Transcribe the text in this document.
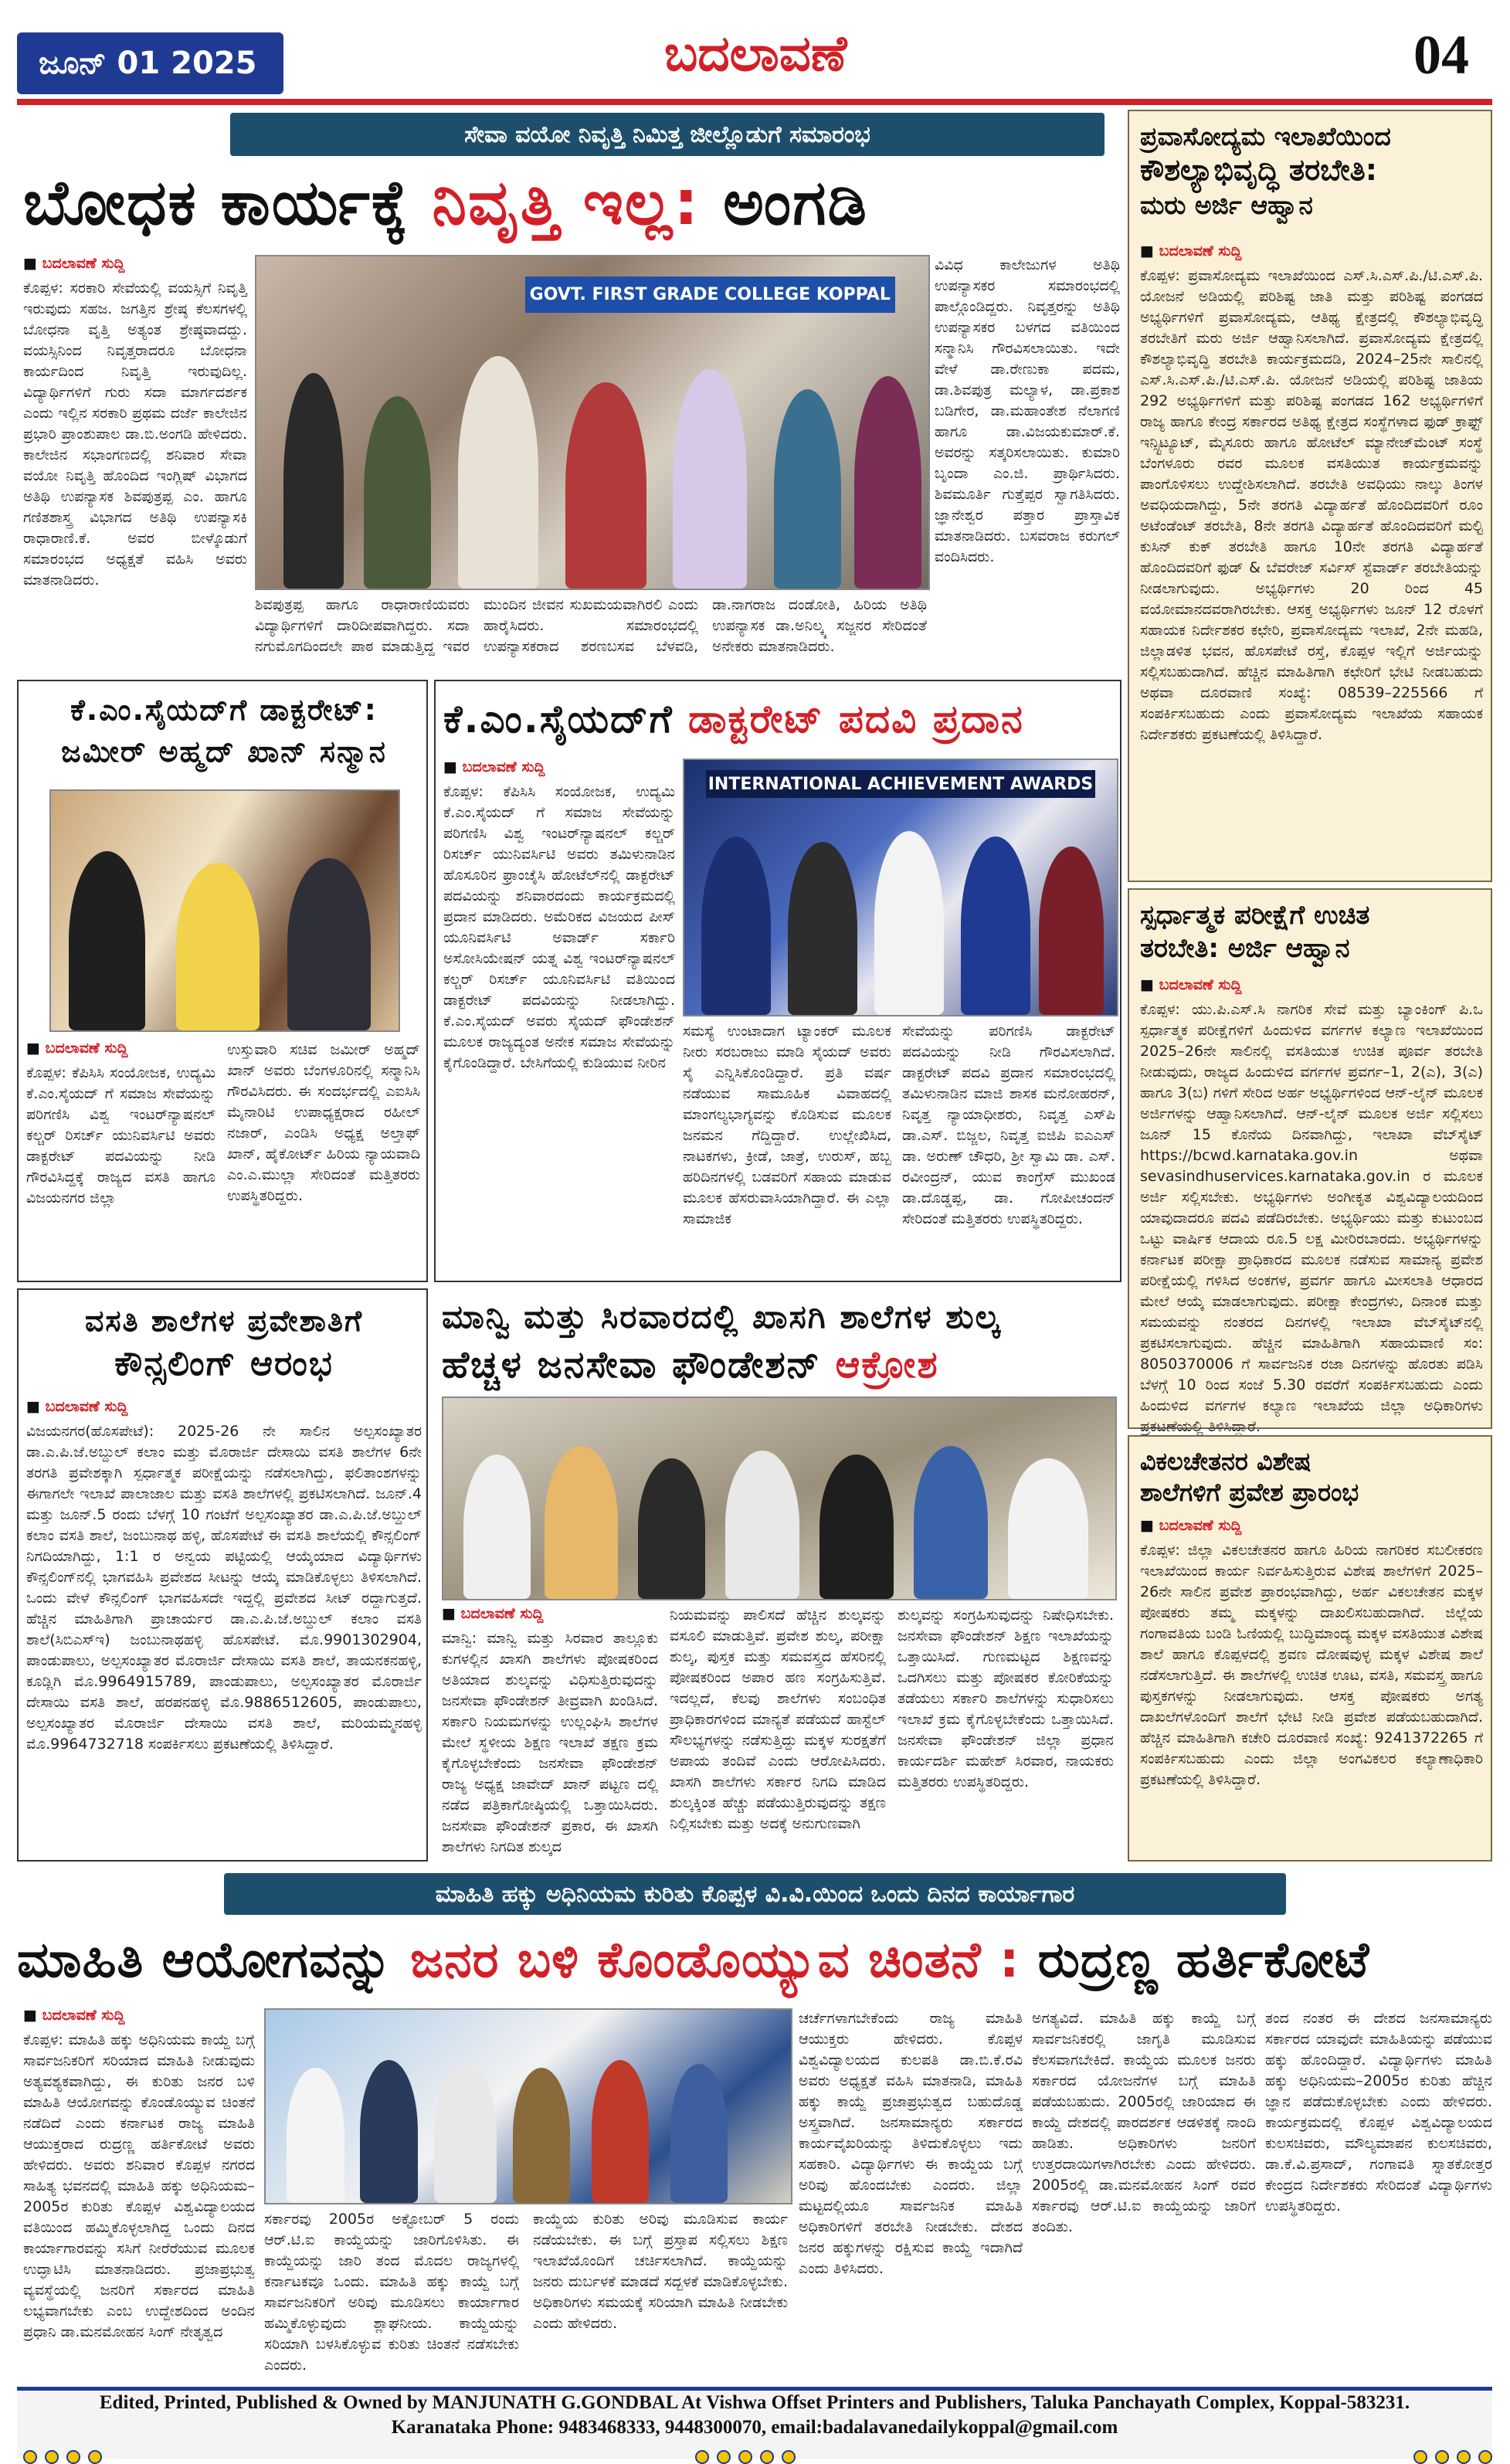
ಜೂನ್ 01 2025	ಬದಲಾವಣೆ	04
ಸೇವಾ ವಯೋ ನಿವೃತ್ತಿ ನಿಮಿತ್ತ ಜೀಲ್ಲೊಡುಗೆ ಸಮಾರಂಭ
ಬೋಧಕ ಕಾರ್ಯಕ್ಕೆ ನಿವೃತ್ತಿ ಇಲ್ಲ: ಅಂಗಡಿ
■ ಬದಲಾವಣೆ ಸುದ್ದಿ
ಕೊಪ್ಪಳ: ಸರಕಾರಿ ಸೇವೆಯಲ್ಲಿ ವಯಸ್ಸಿಗೆ ನಿವೃತ್ತಿ ಇರುವುದು ಸಹಜ. ಜಗತ್ತಿನ ಶ್ರೇಷ್ಠ ಕೆಲಸಗಳಲ್ಲಿ ಬೋಧನಾ ವೃತ್ತಿ ಅತ್ಯಂತ ಶ್ರೇಷ್ಠವಾದದ್ದು. ವಯಸ್ಸಿನಿಂದ ನಿವೃತ್ತರಾದರೂ ಬೋಧನಾ ಕಾರ್ಯದಿಂದ ನಿವೃತ್ತಿ ಇರುವುದಿಲ್ಲ. ವಿದ್ಯಾರ್ಥಿಗಳಿಗೆ ಗುರು ಸದಾ ಮಾರ್ಗದರ್ಶಕ ಎಂದು ಇಲ್ಲಿನ ಸರಕಾರಿ ಪ್ರಥಮ ದರ್ಜೆ ಕಾಲೇಜಿನ ಪ್ರಭಾರಿ ಪ್ರಾಂಶುಪಾಲ ಡಾ.ಬಿ.ಅಂಗಡಿ ಹೇಳಿದರು. ಕಾಲೇಜಿನ ಸಭಾಂಗಣದಲ್ಲಿ ಶನಿವಾರ ಸೇವಾ ವಯೋ ನಿವೃತ್ತಿ ಹೊಂದಿದ ಇಂಗ್ಲಿಷ್ ವಿಭಾಗದ ಅತಿಥಿ ಉಪನ್ಯಾಸಕ ಶಿವಪುತ್ರಪ್ಪ ಎಂ. ಹಾಗೂ ಗಣಿತಶಾಸ್ತ್ರ ವಿಭಾಗದ ಅತಿಥಿ ಉಪನ್ಯಾಸಕಿ ರಾಧಾರಾಣಿ.ಕೆ. ಅವರ ಬೀಳ್ಕೊಡುಗೆ ಸಮಾರಂಭದ ಅಧ್ಯಕ್ಷತೆ ವಹಿಸಿ ಅವರು ಮಾತನಾಡಿದರು.
GOVT. FIRST GRADE COLLEGE KOPPAL
ವಿವಿಧ ಕಾಲೇಜುಗಳ ಅತಿಥಿ ಉಪನ್ಯಾಸಕರ ಸಮಾರಂಭದಲ್ಲಿ ಪಾಲ್ಗೊಂಡಿದ್ದರು. ನಿವೃತ್ತರನ್ನು ಅತಿಥಿ ಉಪನ್ಯಾಸಕರ ಬಳಗದ ವತಿಯಿಂದ ಸನ್ಮಾನಿಸಿ ಗೌರವಿಸಲಾಯಿತು. ಇದೇ ವೇಳೆ ಡಾ.ರೇಣುಕಾ ಪದಮ, ಡಾ.ಶಿವಪುತ್ರ ಮಲ್ಯಾಳ, ಡಾ.ಪ್ರಕಾಶ ಬಡಿಗೇರ, ಡಾ.ಮಹಾಂತೇಶ ನೆಲಾಗಣಿ ಹಾಗೂ ಡಾ.ವಿಜಯಕುಮಾರ್.ಕೆ. ಅವರನ್ನು ಸತ್ಕರಿಸಲಾಯಿತು. ಕುಮಾರಿ ಬೃಂದಾ ಎಂ.ಜಿ. ಪ್ರಾರ್ಥಿಸಿದರು. ಶಿವಮೂರ್ತಿ ಗುತ್ತೆಪ್ಪರ ಸ್ವಾಗತಿಸಿದರು. ಜ್ಞಾನೇಶ್ವರ ಪತ್ತಾರ ಪ್ರಾಸ್ತಾವಿಕ ಮಾತನಾಡಿದರು. ಬಸವರಾಜ ಕರುಗಲ್ ವಂದಿಸಿದರು.
ಶಿವಪುತ್ರಪ್ಪ ಹಾಗೂ ರಾಧಾರಾಣಿಯವರು ವಿದ್ಯಾರ್ಥಿಗಳಿಗೆ ದಾರಿದೀಪವಾಗಿದ್ದರು. ಸದಾ ನಗುಮೊಗದಿಂದಲೇ ಪಾಠ ಮಾಡುತ್ತಿದ್ದ ಇವರ ಮುಂದಿನ ಜೀವನ ಸುಖಮಯವಾಗಿರಲಿ ಎಂದು ಹಾರೈಸಿದರು. ಸಮಾರಂಭದಲ್ಲಿ ಉಪನ್ಯಾಸಕರಾದ ಶರಣಬಸವ ಬೆಳವಡಿ, ಡಾ.ನಾಗರಾಜ ದಂಡೋತಿ, ಹಿರಿಯ ಅತಿಥಿ ಉಪನ್ಯಾಸಕ ಡಾ.ಅನಿಲ್ಕ್ಕ ಸಜ್ಜನರ ಸೇರಿದಂತೆ ಅನೇಕರು ಮಾತನಾಡಿದರು.
ಪ್ರವಾಸೋದ್ಯಮ ಇಲಾಖೆಯಿಂದ
ಕೌಶಲ್ಯಾಭಿವೃದ್ಧಿ ತರಬೇತಿ:
ಮರು ಅರ್ಜಿ ಆಹ್ವಾನ
■ ಬದಲಾವಣೆ ಸುದ್ದಿ
ಕೊಪ್ಪಳ: ಪ್ರವಾಸೋದ್ಯಮ ಇಲಾಖೆಯಿಂದ ಎಸ್.ಸಿ.ಎಸ್.ಪಿ./ಟಿ.ಎಸ್.ಪಿ. ಯೋಜನೆ ಅಡಿಯಲ್ಲಿ ಪರಿಶಿಷ್ಟ ಜಾತಿ ಮತ್ತು ಪರಿಶಿಷ್ಟ ಪಂಗಡದ ಅಭ್ಯರ್ಥಿಗಳಿಗೆ ಪ್ರವಾಸೋದ್ಯಮ, ಆತಿಥ್ಯ ಕ್ಷೇತ್ರದಲ್ಲಿ ಕೌಶಲ್ಯಾಭಿವೃದ್ಧಿ ತರಬೇತಿಗೆ ಮರು ಅರ್ಜಿ ಆಹ್ವಾನಿಸಲಾಗಿದೆ. ಪ್ರವಾಸೋದ್ಯಮ ಕ್ಷೇತ್ರದಲ್ಲಿ ಕೌಶಲ್ಯಾಭಿವೃದ್ಧಿ ತರಬೇತಿ ಕಾರ್ಯಕ್ರಮದಡಿ, 2024–25ನೇ ಸಾಲಿನಲ್ಲಿ ಎಸ್.ಸಿ.ಎಸ್.ಪಿ./ಟಿ.ಎಸ್.ಪಿ. ಯೋಜನೆ ಅಡಿಯಲ್ಲಿ ಪರಿಶಿಷ್ಟ ಜಾತಿಯ 292 ಅಭ್ಯರ್ಥಿಗಳಿಗೆ ಮತ್ತು ಪರಿಶಿಷ್ಟ ಪಂಗಡದ 162 ಅಭ್ಯರ್ಥಿಗಳಿಗೆ ರಾಜ್ಯ ಹಾಗೂ ಕೇಂದ್ರ ಸರ್ಕಾರದ ಅತಿಥ್ಯ ಕ್ಷೇತ್ರದ ಸಂಸ್ಥೆಗಳಾದ ಫುಡ್ ಕ್ರಾಫ್ಟ್ ಇನ್ಸ್ಟಿಟ್ಯೂಟ್, ಮೈಸೂರು ಹಾಗೂ ಹೋಟೆಲ್ ಮ್ಯಾನೇಜ್‌ಮೆಂಟ್ ಸಂಸ್ಥೆ ಬೆಂಗಳೂರು ರವರ ಮೂಲಕ ವಸತಿಯುತ ಕಾರ್ಯಕ್ರಮವನ್ನು ಪಾಂಗೊಳಿಸಲು ಉದ್ದೇಶಿಸಲಾಗಿದೆ. ತರಬೇತಿ ಅವಧಿಯು ನಾಲ್ಕು ತಿಂಗಳ ಅವಧಿಯದಾಗಿದ್ದು, 5ನೇ ತರಗತಿ ವಿದ್ಯಾರ್ಹತೆ ಹೊಂದಿದವರಿಗೆ ರೂಂ ಅಟೆಂಡೆಂಟ್ ತರಬೇತಿ, 8ನೇ ತರಗತಿ ವಿದ್ಯಾರ್ಹತೆ ಹೊಂದಿದವರಿಗೆ ಮಲ್ಟಿ ಕುಸಿನ್ ಕುಕ್ ತರಬೇತಿ ಹಾಗೂ 10ನೇ ತರಗತಿ ವಿದ್ಯಾರ್ಹತೆ ಹೊಂದಿದವರಿಗೆ ಫುಡ್ & ಬೆವರೇಜ್ ಸರ್ವಿಸ್ ಸ್ಟೆವಾರ್ಡ್ ತರಬೇತಿಯನ್ನು ನೀಡಲಾಗುವುದು. ಅಭ್ಯರ್ಥಿಗಳು 20 ರಿಂದ 45 ವಯೋಮಾನದವರಾಗಿರಬೇಕು. ಆಸಕ್ತ ಅಭ್ಯರ್ಥಿಗಳು ಜೂನ್ 12 ರೊಳಗೆ ಸಹಾಯಕ ನಿರ್ದೇಶಕರ ಕಛೇರಿ, ಪ್ರವಾಸೋದ್ಯಮ ಇಲಾಖೆ, 2ನೇ ಮಹಡಿ, ಜಿಲ್ಲಾಡಳಿತ ಭವನ, ಹೊಸಪೇಟೆ ರಸ್ತೆ, ಕೊಪ್ಪಳ ಇಲ್ಲಿಗೆ ಅರ್ಜಿಯನ್ನು ಸಲ್ಲಿಸಬಹುದಾಗಿದೆ. ಹೆಚ್ಚಿನ ಮಾಹಿತಿಗಾಗಿ ಕಛೇರಿಗೆ ಭೇಟಿ ನೀಡಬಹುದು ಅಥವಾ ದೂರವಾಣಿ ಸಂಖ್ಯೆ: 08539–225566 ಗೆ ಸಂಪರ್ಕಿಸಬಹುದು ಎಂದು ಪ್ರವಾಸೋದ್ಯಮ ಇಲಾಖೆಯ ಸಹಾಯಕ ನಿರ್ದೇಶಕರು ಪ್ರಕಟಣೆಯಲ್ಲಿ ತಿಳಿಸಿದ್ದಾರೆ.
ಕೆ.ಎಂ.ಸೈಯದ್‌ಗೆ ಡಾಕ್ಟರೇಟ್:
ಜಮೀರ್ ಅಹ್ಮದ್ ಖಾನ್ ಸನ್ಮಾನ
■ ಬದಲಾವಣೆ ಸುದ್ದಿ
ಕೊಪ್ಪಳ: ಕೆಪಿಸಿಸಿ ಸಂಯೋಜಕ, ಉದ್ಯಮಿ ಕೆ.ಎಂ.ಸೈಯದ್ ಗೆ ಸಮಾಜ ಸೇವೆಯನ್ನು ಪರಿಗಣಿಸಿ ವಿಶ್ವ ಇಂಟರ್‌ನ್ಯಾಷನಲ್ ಕಲ್ಚರ್ ರಿಸರ್ಚ್ ಯುನಿವರ್ಸಿಟಿ ಅವರು ಡಾಕ್ಟರೇಟ್ ಪದವಿಯನ್ನು ನೀಡಿ ಗೌರವಿಸಿದ್ದಕ್ಕೆ ರಾಜ್ಯದ ವಸತಿ ಹಾಗೂ ವಿಜಯನಗರ ಜಿಲ್ಲಾ
ಉಸ್ತುವಾರಿ ಸಚಿವ ಜಮೀರ್ ಅಹ್ಮದ್ ಖಾನ್ ಅವರು ಬೆಂಗಳೂರಿನಲ್ಲಿ ಸನ್ಮಾನಿಸಿ ಗೌರವಿಸಿದರು. ಈ ಸಂದರ್ಭದಲ್ಲಿ ಎಐಸಿಸಿ ಮೈನಾರಿಟಿ ಉಪಾಧ್ಯಕ್ಷರಾದ ರಹೀಲ್ ನಜಾರ್, ಎಂಡಿಸಿ ಅಧ್ಯಕ್ಷ ಅಲ್ತಾಫ್ ಖಾನ್, ಹೈಕೋರ್ಟ್ ಹಿರಿಯ ನ್ಯಾಯವಾದಿ ಎಂ.ಎ.ಮುಲ್ಲಾ ಸೇರಿದಂತೆ ಮತ್ತಿತರರು ಉಪಸ್ಥಿತರಿದ್ದರು.
ಕೆ.ಎಂ.ಸೈಯದ್‌ಗೆ ಡಾಕ್ಟರೇಟ್ ಪದವಿ ಪ್ರದಾನ
■ ಬದಲಾವಣೆ ಸುದ್ದಿ
ಕೊಪ್ಪಳ: ಕೆಪಿಸಿಸಿ ಸಂಯೋಜಕ, ಉದ್ಯಮಿ ಕೆ.ಎಂ.ಸೈಯದ್ ಗೆ ಸಮಾಜ ಸೇವೆಯನ್ನು ಪರಿಗಣಿಸಿ ವಿಶ್ವ ಇಂಟರ್‌ನ್ಯಾಷನಲ್ ಕಲ್ಚರ್ ರಿಸರ್ಚ್ ಯುನಿವರ್ಸಿಟಿ ಅವರು ತಮಿಳುನಾಡಿನ ಹೊಸೂರಿನ ಫ್ರಾಂಚೈಸಿ ಹೋಟೆಲ್‌ನಲ್ಲಿ ಡಾಕ್ಟರೇಟ್ ಪದವಿಯನ್ನು ಶನಿವಾರದಂದು ಕಾರ್ಯಕ್ರಮದಲ್ಲಿ ಪ್ರದಾನ ಮಾಡಿದರು. ಅಮೆರಿಕದ ವಿಜಯದ ಪೀಸ್ ಯೂನಿವರ್ಸಿಟಿ ಅವಾರ್ಡ್ ಸರ್ಕಾರಿ ಅಸೋಸಿಯೇಷನ್ ಯತ್ನ ವಿಶ್ವ ಇಂಟರ್‌ನ್ಯಾಷನಲ್ ಕಲ್ಚರ್ ರಿಸರ್ಚ್ ಯೂನಿವರ್ಸಿಟಿ ವತಿಯಿಂದ ಡಾಕ್ಟರೇಟ್ ಪದವಿಯನ್ನು ನೀಡಲಾಗಿದ್ದು. ಕೆ.ಎಂ.ಸೈಯದ್ ಅವರು ಸೈಯದ್ ಫೌಂಡೇಶನ್ ಮೂಲಕ ರಾಜ್ಯದ್ಯಂತ ಅನೇಕ ಸಮಾಜ ಸೇವೆಯನ್ನು ಕೈಗೊಂಡಿದ್ದಾರೆ. ಬೇಸಿಗೆಯಲ್ಲಿ ಕುಡಿಯುವ ನೀರಿನ
INTERNATIONAL ACHIEVEMENT AWARDS
ಸಮಸ್ಯೆ ಉಂಟಾದಾಗ ಟ್ಯಾಂಕರ್ ಮೂಲಕ ನೀರು ಸರಬರಾಜು ಮಾಡಿ ಸೈಯದ್ ಅವರು ಸೈ ಎನ್ನಿಸಿಕೊಂಡಿದ್ದಾರೆ. ಪ್ರತಿ ವರ್ಷ ನಡೆಯುವ ಸಾಮೂಹಿಕ ವಿವಾಹದಲ್ಲಿ ಮಾಂಗಲ್ಯಭಾಗ್ಯವನ್ನು ಕೊಡಿಸುವ ಮೂಲಕ ಜನಮನ ಗೆದ್ದಿದ್ದಾರೆ. ಉಲ್ಲೇಖಿಸಿದ, ನಾಟಕಗಳು, ಕ್ರೀಡೆ, ಜಾತ್ರೆ, ಉರುಸ್, ಹಬ್ಬ ಹರಿದಿನಗಳಲ್ಲಿ ಬಡವರಿಗೆ ಸಹಾಯ ಮಾಡುವ ಮೂಲಕ ಹೆಸರುವಾಸಿಯಾಗಿದ್ದಾರೆ. ಈ ಎಲ್ಲಾ ಸಾಮಾಜಿಕ
ಸೇವೆಯನ್ನು ಪರಿಗಣಿಸಿ ಡಾಕ್ಟರೇಟ್ ಪದವಿಯನ್ನು ನೀಡಿ ಗೌರವಿಸಲಾಗಿದೆ. ಡಾಕ್ಟರೇಟ್ ಪದವಿ ಪ್ರದಾನ ಸಮಾರಂಭದಲ್ಲಿ ತಮಿಳುನಾಡಿನ ಮಾಜಿ ಶಾಸಕ ಮನೋಹರನ್, ನಿವೃತ್ತ ನ್ಯಾಯಾಧೀಶರು, ನಿವೃತ್ತ ಎಸ್‌ಪಿ ಡಾ.ಎಸ್. ಬಿಜ್ಜಲ, ನಿವೃತ್ತ ಐಜಿಪಿ ಐಎಎಸ್ ಡಾ. ಅರುಣ್ ಚೌಧರಿ, ಶ್ರೀ ಸ್ವಾಮಿ ಡಾ. ಎಸ್. ರವೀಂದ್ರನ್, ಯುವ ಕಾಂಗ್ರೆಸ್ ಮುಖಂಡ ಡಾ.ದೊಡ್ಡಪ್ಪ, ಡಾ. ಗೋಪೀಚಂದನ್ ಸೇರಿದಂತೆ ಮತ್ತಿತರರು ಉಪಸ್ಥಿತರಿದ್ದರು.
ಸ್ಪರ್ಧಾತ್ಮಕ ಪರೀಕ್ಷೆಗೆ ಉಚಿತ
ತರಬೇತಿ: ಅರ್ಜಿ ಆಹ್ವಾನ
■ ಬದಲಾವಣೆ ಸುದ್ದಿ
ಕೊಪ್ಪಳ: ಯು.ಪಿ.ಎಸ್.ಸಿ ನಾಗರಿಕ ಸೇವೆ ಮತ್ತು ಬ್ಯಾಂಕಿಂಗ್ ಪಿ.ಒ ಸ್ಪರ್ಧಾತ್ಮಕ ಪರೀಕ್ಷೆಗಳಿಗೆ ಹಿಂದುಳಿದ ವರ್ಗಗಳ ಕಲ್ಯಾಣ ಇಲಾಖೆಯಿಂದ 2025–26ನೇ ಸಾಲಿನಲ್ಲಿ ವಸತಿಯುತ ಉಚಿತ ಪೂರ್ವ ತರಬೇತಿ ನೀಡುವುದು, ರಾಜ್ಯದ ಹಿಂದುಳಿದ ವರ್ಗಗಳ ಪ್ರವರ್ಗ–1, 2(ಎ), 3(ಎ) ಹಾಗೂ 3(ಬ) ಗಳಿಗೆ ಸೇರಿದ ಅರ್ಹ ಅಭ್ಯರ್ಥಿಗಳಿಂದ ಆನ್-ಲೈನ್ ಮೂಲಕ ಅರ್ಜಿಗಳನ್ನು ಆಹ್ವಾನಿಸಲಾಗಿದೆ. ಆನ್-ಲೈನ್ ಮೂಲಕ ಅರ್ಜಿ ಸಲ್ಲಿಸಲು ಜೂನ್ 15 ಕೊನೆಯ ದಿನವಾಗಿದ್ದು, ಇಲಾಖಾ ವೆಬ್‌ಸೈಟ್ https://bcwd.karnataka.gov.in ಅಥವಾ sevasindhuservices.karnataka.gov.in ರ ಮೂಲಕ ಅರ್ಜಿ ಸಲ್ಲಿಸಬೇಕು. ಅಭ್ಯರ್ಥಿಗಳು ಅಂಗೀಕೃತ ವಿಶ್ವವಿದ್ಯಾಲಯದಿಂದ ಯಾವುದಾದರೂ ಪದವಿ ಪಡೆದಿರಬೇಕು. ಅಭ್ಯರ್ಥಿಯು ಮತ್ತು ಕುಟುಂಬದ ಒಟ್ಟು ವಾರ್ಷಿಕ ಆದಾಯ ರೂ.5 ಲಕ್ಷ ಮೀರಿರಬಾರದು. ಅಭ್ಯರ್ಥಿಗಳನ್ನು ಕರ್ನಾಟಕ ಪರೀಕ್ಷಾ ಪ್ರಾಧಿಕಾರದ ಮೂಲಕ ನಡೆಸುವ ಸಾಮಾನ್ಯ ಪ್ರವೇಶ ಪರೀಕ್ಷೆಯಲ್ಲಿ ಗಳಿಸಿದ ಅಂಕಗಳ, ಪ್ರವರ್ಗ ಹಾಗೂ ಮೀಸಲಾತಿ ಆಧಾರದ ಮೇಲೆ ಆಯ್ಕೆ ಮಾಡಲಾಗುವುದು. ಪರೀಕ್ಷಾ ಕೇಂದ್ರಗಳು, ದಿನಾಂಕ ಮತ್ತು ಸಮಯವನ್ನು ನಂತರದ ದಿನಗಳಲ್ಲಿ ಇಲಾಖಾ ವೆಬ್‌ಸೈಟ್‌ನಲ್ಲಿ ಪ್ರಕಟಿಸಲಾಗುವುದು. ಹೆಚ್ಚಿನ ಮಾಹಿತಿಗಾಗಿ ಸಹಾಯವಾಣಿ ಸಂ: 8050370006 ಗೆ ಸಾರ್ವಜನಿಕ ರಜಾ ದಿನಗಳನ್ನು ಹೊರತು ಪಡಿಸಿ ಬೆಳಗ್ಗೆ 10 ರಿಂದ ಸಂಜೆ 5.30 ರವರೆಗೆ ಸಂಪರ್ಕಿಸಬಹುದು ಎಂದು ಹಿಂದುಳಿದ ವರ್ಗಗಳ ಕಲ್ಯಾಣ ಇಲಾಖೆಯ ಜಿಲ್ಲಾ ಅಧಿಕಾರಿಗಳು ಪ್ರಕಟಣೆಯಲ್ಲಿ ತಿಳಿಸಿದ್ದಾರೆ.
ವಸತಿ ಶಾಲೆಗಳ ಪ್ರವೇಶಾತಿಗೆ
ಕೌನ್ಸಲಿಂಗ್ ಆರಂಭ
■ ಬದಲಾವಣೆ ಸುದ್ದಿ
ವಿಜಯನಗರ(ಹೊಸಪೇಟೆ): 2025-26 ನೇ ಸಾಲಿನ ಅಲ್ಪಸಂಖ್ಯಾತರ ಡಾ.ಎ.ಪಿ.ಜೆ.ಅಬ್ದುಲ್ ಕಲಾಂ ಮತ್ತು ಮೊರಾರ್ಜಿ ದೇಸಾಯಿ ವಸತಿ ಶಾಲೆಗಳ 6ನೇ ತರಗತಿ ಪ್ರವೇಶಕ್ಕಾಗಿ ಸ್ಪರ್ಧಾತ್ಮಕ ಪರೀಕ್ಷೆಯನ್ನು ನಡೆಸಲಾಗಿದ್ದು, ಫಲಿತಾಂಶಗಳನ್ನು ಈಗಾಗಲೇ ಇಲಾಖೆ ಪಾಲಾಜಾಲ ಮತ್ತು ವಸತಿ ಶಾಲೆಗಳಲ್ಲಿ ಪ್ರಕಟಿಸಲಾಗಿದೆ. ಜೂನ್.4 ಮತ್ತು ಜೂನ್.5 ರಂದು ಬೆಳಗ್ಗೆ 10 ಗಂಟೆಗೆ ಅಲ್ಪಸಂಖ್ಯಾತರ ಡಾ.ಎ.ಪಿ.ಜೆ.ಅಬ್ದುಲ್ ಕಲಾಂ ವಸತಿ ಶಾಲೆ, ಜಂಬುನಾಥ ಹಳ್ಳಿ, ಹೊಸಪೇಟೆ ಈ ವಸತಿ ಶಾಲೆಯಲ್ಲಿ ಕೌನ್ಸಲಿಂಗ್ ನಿಗದಿಯಾಗಿದ್ದು, 1:1 ರ ಅನ್ವಯ ಪಟ್ಟಿಯಲ್ಲಿ ಆಯ್ಕೆಯಾದ ವಿದ್ಯಾರ್ಥಿಗಳು ಕೌನ್ಸಲಿಂಗ್‌ನಲ್ಲಿ ಭಾಗವಹಿಸಿ ಪ್ರವೇಶದ ಸೀಟನ್ನು ಆಯ್ಕೆ ಮಾಡಿಕೊಳ್ಳಲು ತಿಳಿಸಲಾಗಿದೆ. ಒಂದು ವೇಳೆ ಕೌನ್ಸಲಿಂಗ್ ಭಾಗವಹಿಸದೇ ಇದ್ದಲ್ಲಿ ಪ್ರವೇಶದ ಸೀಟ್ ರದ್ದಾಗುತ್ತದೆ. ಹೆಚ್ಚಿನ ಮಾಹಿತಿಗಾಗಿ ಪ್ರಾಚಾರ್ಯರ ಡಾ.ಎ.ಪಿ.ಜೆ.ಅಬ್ದುಲ್ ಕಲಾಂ ವಸತಿ ಶಾಲೆ(ಸಿಬಿಎಸ್‌ಇ) ಜಂಬುನಾಥಹಳ್ಳಿ ಹೊಸಪೇಟೆ. ಮೊ.9901302904, ಪಾಂಡುಪಾಲು, ಅಲ್ಪಸಂಖ್ಯಾತರ ಮೊರಾರ್ಜಿ ದೇಸಾಯಿ ವಸತಿ ಶಾಲೆ, ತಾಯನಕನಹಳ್ಳಿ, ಕೂಡ್ಲಿಗಿ ಮೊ.9964915789, ಪಾಂಡುಪಾಲು, ಅಲ್ಪಸಂಖ್ಯಾತರ ಮೊರಾರ್ಜಿ ದೇಸಾಯಿ ವಸತಿ ಶಾಲೆ, ಹರಪನಹಳ್ಳಿ ಮೊ.9886512605, ಪಾಂಡುಪಾಲು, ಅಲ್ಪಸಂಖ್ಯಾತರ ಮೊರಾರ್ಜಿ ದೇಸಾಯಿ ವಸತಿ ಶಾಲೆ, ಮರಿಯಮ್ಮನಹಳ್ಳಿ ಮೊ.9964732718 ಸಂಪರ್ಕಿಸಲು ಪ್ರಕಟಣೆಯಲ್ಲಿ ತಿಳಿಸಿದ್ದಾರೆ.
ಮಾನ್ವಿ ಮತ್ತು ಸಿರವಾರದಲ್ಲಿ ಖಾಸಗಿ ಶಾಲೆಗಳ ಶುಲ್ಕ
ಹೆಚ್ಚಳ ಜನಸೇವಾ ಫೌಂಡೇಶನ್ ಆಕ್ರೋಶ
■ ಬದಲಾವಣೆ ಸುದ್ದಿ
ಮಾನ್ವಿ: ಮಾನ್ವಿ ಮತ್ತು ಸಿರವಾರ ತಾಲ್ಲೂಕು ಕುಗಳಲ್ಲಿನ ಖಾಸಗಿ ಶಾಲೆಗಳು ಪೋಷಕರಿಂದ ಅತಿಯಾದ ಶುಲ್ಕವನ್ನು ವಿಧಿಸುತ್ತಿರುವುದನ್ನು ಜನಸೇವಾ ಫೌಂಡೇಶನ್ ತೀವ್ರವಾಗಿ ಖಂಡಿಸಿದೆ. ಸರ್ಕಾರಿ ನಿಯಮಗಳನ್ನು ಉಲ್ಲಂಘಿಸಿ ಶಾಲೆಗಳ ಮೇಲೆ ಸ್ಥಳೀಯ ಶಿಕ್ಷಣ ಇಲಾಖೆ ತಕ್ಷಣ ಕ್ರಮ ಕೈಗೊಳ್ಳಬೇಕೆಂದು ಜನಸೇವಾ ಫೌಂಡೇಶನ್ ರಾಜ್ಯ ಅಧ್ಯಕ್ಷ ಜಾವೇದ್ ಖಾನ್ ಪಟ್ಟಣ ದಲ್ಲಿ ನಡೆದ ಪತ್ರಿಕಾಗೋಷ್ಠಿಯಲ್ಲಿ ಒತ್ತಾಯಿಸಿದರು. ಜನಸೇವಾ ಫೌಂಡೇಶನ್ ಪ್ರಕಾರ, ಈ ಖಾಸಗಿ ಶಾಲೆಗಳು ನಿಗದಿತ ಶುಲ್ಕದ
ನಿಯಮವನ್ನು ಪಾಲಿಸದೆ ಹೆಚ್ಚಿನ ಶುಲ್ಕವನ್ನು ವಸೂಲಿ ಮಾಡುತ್ತಿವೆ. ಪ್ರವೇಶ ಶುಲ್ಕ, ಪರೀಕ್ಷಾ ಶುಲ್ಕ, ಪುಸ್ತಕ ಮತ್ತು ಸಮವಸ್ತ್ರದ ಹೆಸರಿನಲ್ಲಿ ಪೋಷಕರಿಂದ ಅಪಾರ ಹಣ ಸಂಗ್ರಹಿಸುತ್ತಿವೆ. ಇದಲ್ಲದೆ, ಕೆಲವು ಶಾಲೆಗಳು ಸಂಬಂಧಿತ ಪ್ರಾಧಿಕಾರಗಳಿಂದ ಮಾನ್ಯತೆ ಪಡೆಯದೆ ಹಾಸ್ಟೆಲ್ ಸೌಲಭ್ಯಗಳನ್ನು ನಡೆಸುತ್ತಿದ್ದು ಮಕ್ಕಳ ಸುರಕ್ಷತೆಗೆ ಅಪಾಯ ತಂದಿವೆ ಎಂದು ಆರೋಪಿಸಿದರು. ಖಾಸಗಿ ಶಾಲೆಗಳು ಸರ್ಕಾರ ನಿಗದಿ ಮಾಡಿದ ಶುಲ್ಕಕ್ಕಿಂತ ಹೆಚ್ಚು ಪಡೆಯುತ್ತಿರುವುದನ್ನು ತಕ್ಷಣ ನಿಲ್ಲಿಸಬೇಕು ಮತ್ತು ಅದಕ್ಕೆ ಅನುಗುಣವಾಗಿ
ಶುಲ್ಕವನ್ನು ಸಂಗ್ರಹಿಸುವುದನ್ನು ನಿಷೇಧಿಸಬೇಕು. ಜನಸೇವಾ ಫೌಂಡೇಶನ್ ಶಿಕ್ಷಣ ಇಲಾಖೆಯನ್ನು ಒತ್ತಾಯಿಸಿದೆ. ಗುಣಮಟ್ಟದ ಶಿಕ್ಷಣವನ್ನು ಒದಗಿಸಲು ಮತ್ತು ಪೋಷಕರ ಕೋರಿಕೆಯನ್ನು ತಡೆಯಲು ಸರ್ಕಾರಿ ಶಾಲೆಗಳನ್ನು ಸುಧಾರಿಸಲು ಇಲಾಖೆ ಕ್ರಮ ಕೈಗೊಳ್ಳಬೇಕೆಂದು ಒತ್ತಾಯಿಸಿದೆ. ಜನಸೇವಾ ಫೌಂಡೇಶನ್ ಜಿಲ್ಲಾ ಪ್ರಧಾನ ಕಾರ್ಯದರ್ಶಿ ಮಹೇಶ್ ಸಿರವಾರ, ನಾಯಕರು ಮತ್ತಿತರರು ಉಪಸ್ಥಿತರಿದ್ದರು.
ವಿಕಲಚೇತನರ ವಿಶೇಷ
ಶಾಲೆಗಳಿಗೆ ಪ್ರವೇಶ ಪ್ರಾರಂಭ
■ ಬದಲಾವಣೆ ಸುದ್ದಿ
ಕೊಪ್ಪಳ: ಜಿಲ್ಲಾ ವಿಕಲಚೇತನರ ಹಾಗೂ ಹಿರಿಯ ನಾಗರಿಕರ ಸಬಲೀಕರಣ ಇಲಾಖೆಯಿಂದ ಕಾರ್ಯ ನಿರ್ವಹಿಸುತ್ತಿರುವ ವಿಶೇಷ ಶಾಲೆಗಳಿಗೆ 2025–26ನೇ ಸಾಲಿನ ಪ್ರವೇಶ ಪ್ರಾರಂಭವಾಗಿದ್ದು, ಅರ್ಹ ವಿಕಲಚೇತನ ಮಕ್ಕಳ ಪೋಷಕರು ತಮ್ಮ ಮಕ್ಕಳನ್ನು ದಾಖಲಿಸಬಹುದಾಗಿದೆ. ಜಿಲ್ಲೆಯ ಗಂಗಾವತಿಯ ಬಂಡಿ ಓಣಿಯಲ್ಲಿ ಬುದ್ಧಿಮಾಂದ್ಯ ಮಕ್ಕಳ ವಸತಿಯುತ ವಿಶೇಷ ಶಾಲೆ ಹಾಗೂ ಕೊಪ್ಪಳದಲ್ಲಿ ಶ್ರವಣ ದೋಷವುಳ್ಳ ಮಕ್ಕಳ ವಿಶೇಷ ಶಾಲೆ ನಡೆಸಲಾಗುತ್ತಿದೆ. ಈ ಶಾಲೆಗಳಲ್ಲಿ ಉಚಿತ ಊಟ, ವಸತಿ, ಸಮವಸ್ತ್ರ ಹಾಗೂ ಪುಸ್ತಕಗಳನ್ನು ನೀಡಲಾಗುವುದು. ಆಸಕ್ತ ಪೋಷಕರು ಅಗತ್ಯ ದಾಖಲೆಗಳೊಂದಿಗೆ ಶಾಲೆಗೆ ಭೇಟಿ ನೀಡಿ ಪ್ರವೇಶ ಪಡೆಯಬಹುದಾಗಿದೆ. ಹೆಚ್ಚಿನ ಮಾಹಿತಿಗಾಗಿ ಕಚೇರಿ ದೂರವಾಣಿ ಸಂಖ್ಯೆ: 9241372265 ಗೆ ಸಂಪರ್ಕಿಸಬಹುದು ಎಂದು ಜಿಲ್ಲಾ ಅಂಗವಿಕಲರ ಕಲ್ಯಾಣಾಧಿಕಾರಿ ಪ್ರಕಟಣೆಯಲ್ಲಿ ತಿಳಿಸಿದ್ದಾರೆ.
ಮಾಹಿತಿ ಹಕ್ಕು ಅಧಿನಿಯಮ ಕುರಿತು ಕೊಪ್ಪಳ ವಿ.ವಿ.ಯಿಂದ ಒಂದು ದಿನದ ಕಾರ್ಯಾಗಾರ
ಮಾಹಿತಿ ಆಯೋಗವನ್ನು ಜನರ ಬಳಿ ಕೊಂಡೊಯ್ಯುವ ಚಿಂತನೆ : ರುದ್ರಣ್ಣ ಹರ್ತಿಕೋಟೆ
■ ಬದಲಾವಣೆ ಸುದ್ದಿ
ಕೊಪ್ಪಳ: ಮಾಹಿತಿ ಹಕ್ಕು ಅಧಿನಿಯಮ ಕಾಯ್ದೆ ಬಗ್ಗೆ ಸಾರ್ವಜನಿಕರಿಗೆ ಸರಿಯಾದ ಮಾಹಿತಿ ನೀಡುವುದು ಅತ್ಯವಶ್ಯಕವಾಗಿದ್ದು, ಈ ಕುರಿತು ಜನರ ಬಳಿ ಮಾಹಿತಿ ಆಯೋಗವನ್ನು ಕೊಂಡೊಯ್ಯುವ ಚಿಂತನೆ ನಡೆದಿದೆ ಎಂದು ಕರ್ನಾಟಕ ರಾಜ್ಯ ಮಾಹಿತಿ ಆಯುಕ್ತರಾದ ರುದ್ರಣ್ಣ ಹರ್ತಿಕೋಟೆ ಅವರು ಹೇಳಿದರು. ಅವರು ಶನಿವಾರ ಕೊಪ್ಪಳ ನಗರದ ಸಾಹಿತ್ಯ ಭವನದಲ್ಲಿ ಮಾಹಿತಿ ಹಕ್ಕು ಅಧಿನಿಯಮ–2005ರ ಕುರಿತು ಕೊಪ್ಪಳ ವಿಶ್ವವಿದ್ಯಾಲಯದ ವತಿಯಿಂದ ಹಮ್ಮಿಕೊಳ್ಳಲಾಗಿದ್ದ ಒಂದು ದಿನದ ಕಾರ್ಯಾಗಾರವನ್ನು ಸಸಿಗೆ ನೀರೆರೆಯುವ ಮೂಲಕ ಉದ್ಘಾಟಿಸಿ ಮಾತನಾಡಿದರು. ಪ್ರಜಾಪ್ರಭುತ್ವ ವ್ಯವಸ್ಥೆಯಲ್ಲಿ ಜನರಿಗೆ ಸರ್ಕಾರದ ಮಾಹಿತಿ ಲಭ್ಯವಾಗಬೇಕು ಎಂಬ ಉದ್ದೇಶದಿಂದ ಅಂದಿನ ಪ್ರಧಾನಿ ಡಾ.ಮನಮೋಹನ ಸಿಂಗ್ ನೇತೃತ್ವದ
ಸರ್ಕಾರವು 2005ರ ಅಕ್ಟೋಬರ್ 5 ರಂದು ಆರ್.ಟಿ.ಐ ಕಾಯ್ದೆಯನ್ನು ಜಾರಿಗೊಳಿಸಿತು. ಈ ಕಾಯ್ದೆಯನ್ನು ಜಾರಿ ತಂದ ಮೊದಲ ರಾಜ್ಯಗಳಲ್ಲಿ ಕರ್ನಾಟಕವೂ ಒಂದು. ಮಾಹಿತಿ ಹಕ್ಕು ಕಾಯ್ದೆ ಬಗ್ಗೆ ಸಾರ್ವಜನಿಕರಿಗೆ ಅರಿವು ಮೂಡಿಸಲು ಕಾರ್ಯಾಗಾರ ಹಮ್ಮಿಕೊಳ್ಳುವುದು ಶ್ಲಾಘನೀಯ. ಕಾಯ್ದೆಯನ್ನು ಸರಿಯಾಗಿ ಬಳಸಿಕೊಳ್ಳುವ ಕುರಿತು ಚಿಂತನೆ ನಡೆಸಬೇಕು ಎಂದರು.
ಕಾಯ್ದೆಯ ಕುರಿತು ಅರಿವು ಮೂಡಿಸುವ ಕಾರ್ಯ ನಡೆಯಬೇಕು. ಈ ಬಗ್ಗೆ ಪ್ರಸ್ತಾಪ ಸಲ್ಲಿಸಲು ಶಿಕ್ಷಣ ಇಲಾಖೆಯೊಂದಿಗೆ ಚರ್ಚಿಸಲಾಗಿದೆ. ಕಾಯ್ದೆಯನ್ನು ಜನರು ದುರ್ಬಳಕೆ ಮಾಡದೆ ಸದ್ಬಳಕೆ ಮಾಡಿಕೊಳ್ಳಬೇಕು. ಅಧಿಕಾರಿಗಳು ಸಮಯಕ್ಕೆ ಸರಿಯಾಗಿ ಮಾಹಿತಿ ನೀಡಬೇಕು ಎಂದು ಹೇಳಿದರು.
ಚರ್ಚೆಗಳಾಗಬೇಕೆಂದು ರಾಜ್ಯ ಮಾಹಿತಿ ಆಯುಕ್ತರು ಹೇಳಿದರು. ಕೊಪ್ಪಳ ವಿಶ್ವವಿದ್ಯಾಲಯದ ಕುಲಪತಿ ಡಾ.ಬಿ.ಕೆ.ರವಿ ಅವರು ಅಧ್ಯಕ್ಷತೆ ವಹಿಸಿ ಮಾತನಾಡಿ, ಮಾಹಿತಿ ಹಕ್ಕು ಕಾಯ್ದೆ ಪ್ರಜಾಪ್ರಭುತ್ವದ ಬಹುದೊಡ್ಡ ಅಸ್ತ್ರವಾಗಿದೆ. ಜನಸಾಮಾನ್ಯರು ಸರ್ಕಾರದ ಕಾರ್ಯವೈಖರಿಯನ್ನು ತಿಳಿದುಕೊಳ್ಳಲು ಇದು ಸಹಕಾರಿ. ವಿದ್ಯಾರ್ಥಿಗಳು ಈ ಕಾಯ್ದೆಯ ಬಗ್ಗೆ ಅರಿವು ಹೊಂದಬೇಕು ಎಂದರು. ಜಿಲ್ಲಾ ಮಟ್ಟದಲ್ಲಿಯೂ ಸಾರ್ವಜನಿಕ ಮಾಹಿತಿ ಅಧಿಕಾರಿಗಳಿಗೆ ತರಬೇತಿ ನೀಡಬೇಕು. ದೇಶದ ಜನರ ಹಕ್ಕುಗಳನ್ನು ರಕ್ಷಿಸುವ ಕಾಯ್ದೆ ಇದಾಗಿದೆ ಎಂದು ತಿಳಿಸಿದರು.
ಅಗತ್ಯವಿದೆ. ಮಾಹಿತಿ ಹಕ್ಕು ಕಾಯ್ದೆ ಬಗ್ಗೆ ಸಾರ್ವಜನಿಕರಲ್ಲಿ ಜಾಗೃತಿ ಮೂಡಿಸುವ ಕೆಲಸವಾಗಬೇಕಿದೆ. ಕಾಯ್ದೆಯ ಮೂಲಕ ಜನರು ಸರ್ಕಾರದ ಯೋಜನೆಗಳ ಬಗ್ಗೆ ಮಾಹಿತಿ ಪಡೆಯಬಹುದು. 2005ರಲ್ಲಿ ಜಾರಿಯಾದ ಈ ಕಾಯ್ದೆ ದೇಶದಲ್ಲಿ ಪಾರದರ್ಶಕ ಆಡಳಿತಕ್ಕೆ ನಾಂದಿ ಹಾಡಿತು. ಅಧಿಕಾರಿಗಳು ಜನರಿಗೆ ಉತ್ತರದಾಯಿಗಳಾಗಿರಬೇಕು ಎಂದು ಹೇಳಿದರು. 2005ರಲ್ಲಿ ಡಾ.ಮನಮೋಹನ ಸಿಂಗ್ ರವರ ಸರ್ಕಾರವು ಆರ್.ಟಿ.ಐ ಕಾಯ್ದೆಯನ್ನು ಜಾರಿಗೆ ತಂದಿತು.
ತಂದ ನಂತರ ಈ ದೇಶದ ಜನಸಾಮಾನ್ಯರು ಸರ್ಕಾರದ ಯಾವುದೇ ಮಾಹಿತಿಯನ್ನು ಪಡೆಯುವ ಹಕ್ಕು ಹೊಂದಿದ್ದಾರೆ. ವಿದ್ಯಾರ್ಥಿಗಳು ಮಾಹಿತಿ ಹಕ್ಕು ಅಧಿನಿಯಮ–2005ರ ಕುರಿತು ಹೆಚ್ಚಿನ ಜ್ಞಾನ ಪಡೆದುಕೊಳ್ಳಬೇಕು ಎಂದು ಹೇಳಿದರು. ಕಾರ್ಯಕ್ರಮದಲ್ಲಿ ಕೊಪ್ಪಳ ವಿಶ್ವವಿದ್ಯಾಲಯದ ಕುಲಸಚಿವರು, ಮೌಲ್ಯಮಾಪನ ಕುಲಸಚಿವರು, ಡಾ.ಕೆ.ವಿ.ಪ್ರಸಾದ್, ಗಂಗಾವತಿ ಸ್ನಾತಕೋತ್ತರ ಕೇಂದ್ರದ ನಿರ್ದೇಶಕರು ಸೇರಿದಂತೆ ವಿದ್ಯಾರ್ಥಿಗಳು ಉಪಸ್ಥಿತರಿದ್ದರು.
Edited, Printed, Published & Owned by MANJUNATH G.GONDBAL At Vishwa Offset Printers and Publishers, Taluka Panchayath Complex, Koppal-583231.
Karanataka Phone: 9483468333, 9448300070, email:badalavanedailykoppal@gmail.com
